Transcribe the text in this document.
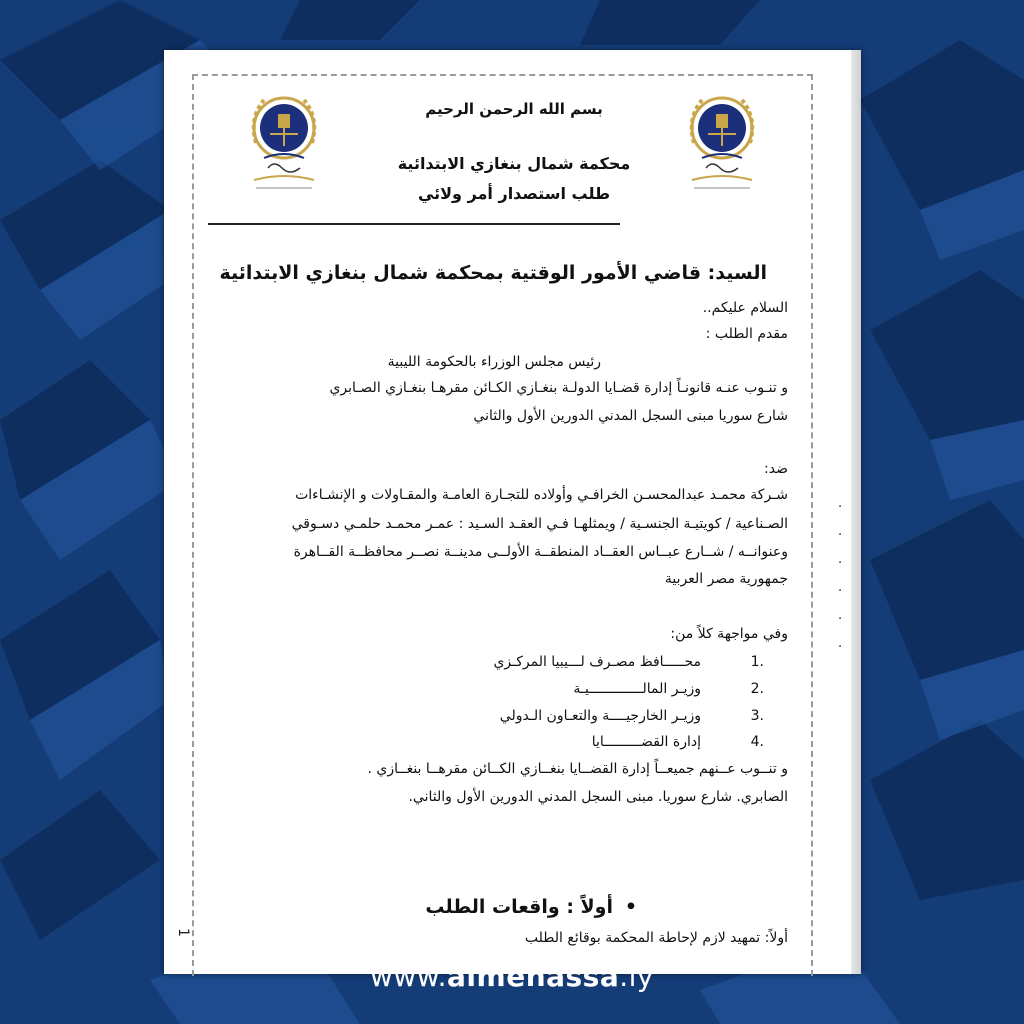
بسم الله الرحمن الرحيم
محكمة شمال بنغازي الابتدائية
طلب استصدار أمر ولائي
السيد: قاضي الأمور الوقتية بمحكمة شمال بنغازي الابتدائية
السلام عليكم..
مقدم الطلب :
رئيس مجلس الوزراء بالحكومة الليبية
و تنـوب عنـه قانونـاً إدارة قضـايا الدولـة بنغـازي الكـائن مقرهـا بنغـازي الصـابري
شارع سوريا مبنى السجل المدني الدورين الأول والثاني
ضد:
شـركة محمـد عبدالمحسـن الخرافـي وأولاده للتجـارة العامـة والمقـاولات و الإنشـاءات
الصـناعية / كويتيـة الجنسـية / ويمثلهـا فـي العقـد السـيد : عمـر محمـد حلمـي دسـوقي
وعنوانــه / شــارع عبــاس العقــاد المنطقــة الأولــى مدينــة نصــر محافظــة القــاهرة
جمهورية مصر العربية
وفي مواجهة كلاً من:
.1
محـــــافظ مصـرف لـــيبيا المركـزي
.2
وزيـر المالـــــــــــــيـة
.3
وزيـر الخارجيــــة والتعـاون الـدولي
.4
إدارة القضـــــــــايا
و تنــوب عــنهم جميعــاً إدارة القضــايا بنغــازي الكــائن مقرهــا بنغــازي .
الصابري. شارع سوريا. مبنى السجل المدني الدورين الأول والثاني.
أولاً : واقعات الطلب •
أولاً: تمهيد لازم لإحاطة المحكمة بوقائع الطلب
1
.
.
.
.
.
.
www.almehassa.ly
